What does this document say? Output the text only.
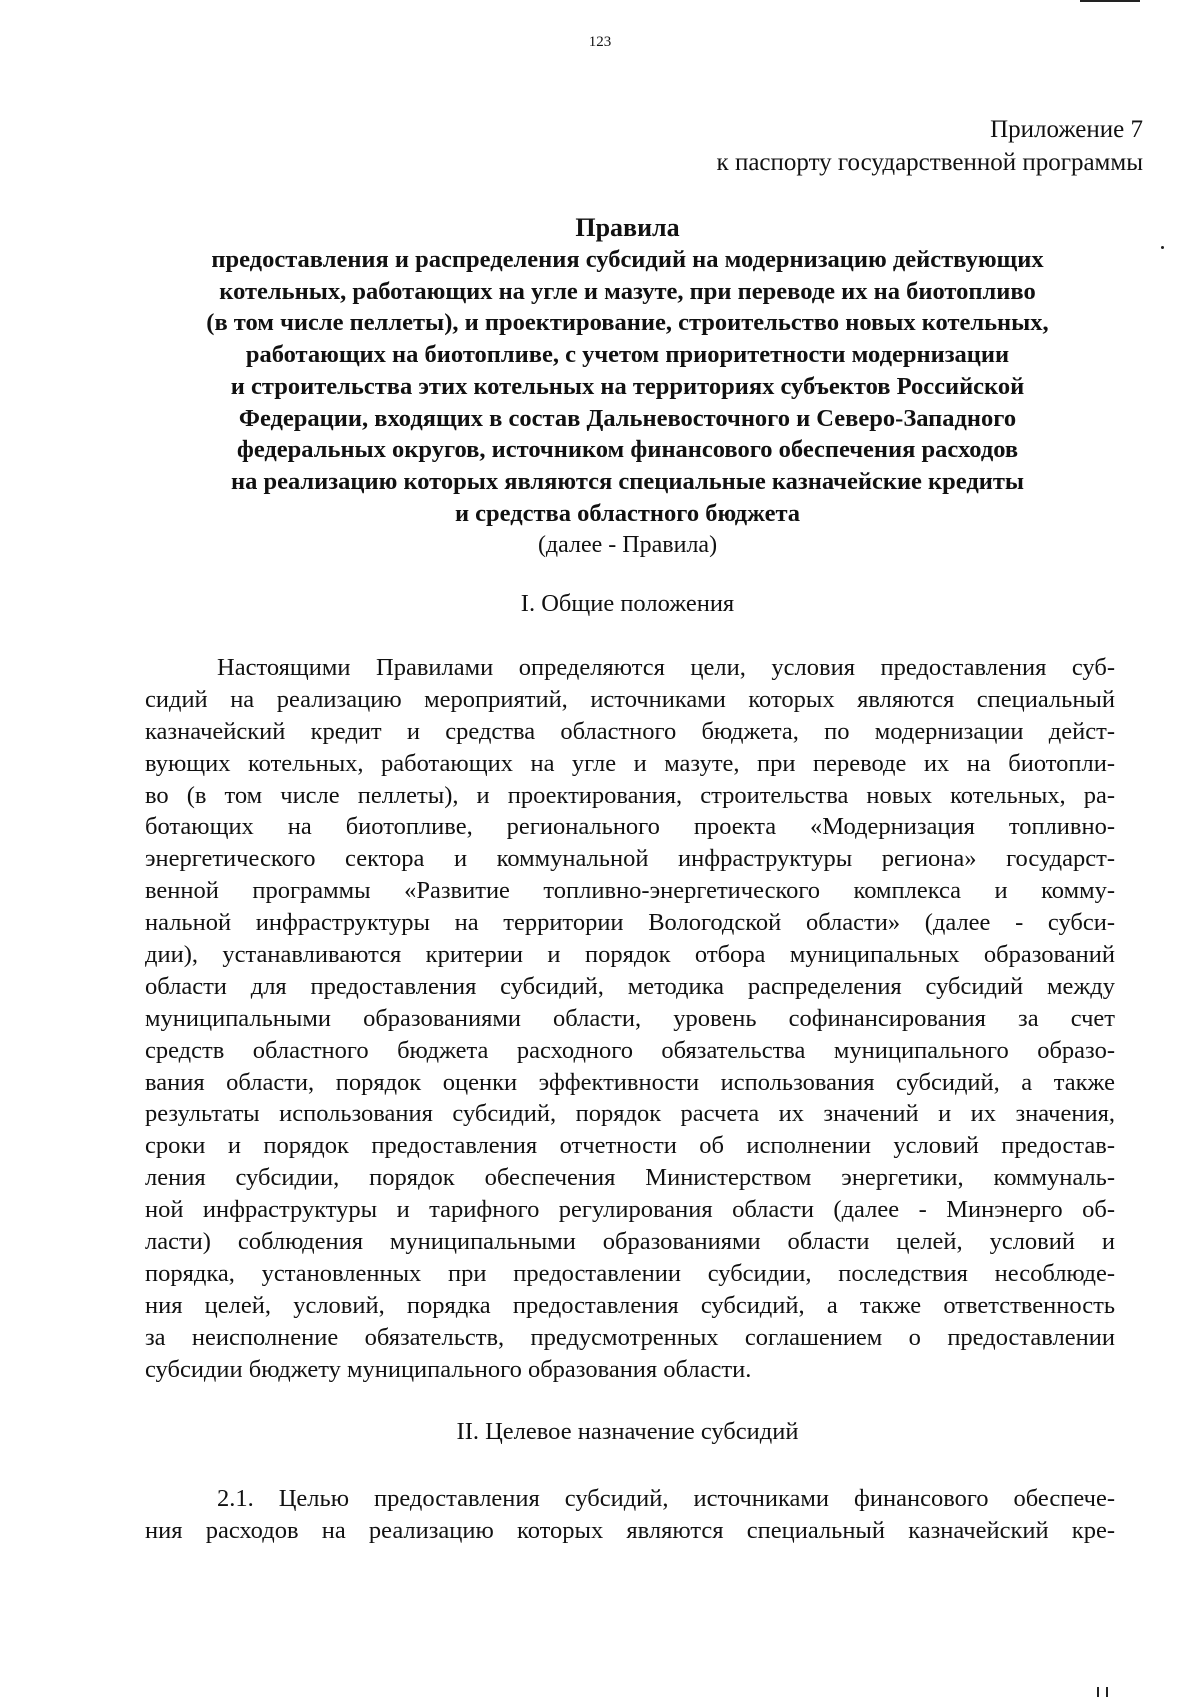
123
Приложение 7
к паспорту государственной программы
Правила
предоставления и распределения субсидий на модернизацию действующих
котельных, работающих на угле и мазуте, при переводе их на биотопливо
(в том числе пеллеты), и проектирование, строительство новых котельных,
работающих на биотопливе, с учетом приоритетности модернизации
и строительства этих котельных на территориях субъектов Российской
Федерации, входящих в состав Дальневосточного и Северо-Западного
федеральных округов, источником финансового обеспечения расходов
на реализацию которых являются специальные казначейские кредиты
и средства областного бюджета
(далее - Правила)
I. Общие положения
Настоящими Правилами определяются цели, условия предоставления суб-
сидий на реализацию мероприятий, источниками которых являются специальный
казначейский кредит и средства областного бюджета, по модернизации дейст-
вующих котельных, работающих на угле и мазуте, при переводе их на биотопли-
во (в том числе пеллеты), и проектирования, строительства новых котельных, ра-
ботающих на биотопливе, регионального проекта «Модернизация топливно-
энергетического сектора и коммунальной инфраструктуры региона» государст-
венной программы «Развитие топливно-энергетического комплекса и комму-
нальной инфраструктуры на территории Вологодской области» (далее - субси-
дии), устанавливаются критерии и порядок отбора муниципальных образований
области для предоставления субсидий, методика распределения субсидий между
муниципальными образованиями области, уровень софинансирования за счет
средств областного бюджета расходного обязательства муниципального образо-
вания области, порядок оценки эффективности использования субсидий, а также
результаты использования субсидий, порядок расчета их значений и их значения,
сроки и порядок предоставления отчетности об исполнении условий предостав-
ления субсидии, порядок обеспечения Министерством энергетики, коммуналь-
ной инфраструктуры и тарифного регулирования области (далее - Минэнерго об-
ласти) соблюдения муниципальными образованиями области целей, условий и
порядка, установленных при предоставлении субсидии, последствия несоблюде-
ния целей, условий, порядка предоставления субсидий, а также ответственность
за неисполнение обязательств, предусмотренных соглашением о предоставлении
субсидии бюджету муниципального образования области.
II. Целевое назначение субсидий
2.1. Целью предоставления субсидий, источниками финансового обеспече-
ния расходов на реализацию которых являются специальный казначейский кре-
